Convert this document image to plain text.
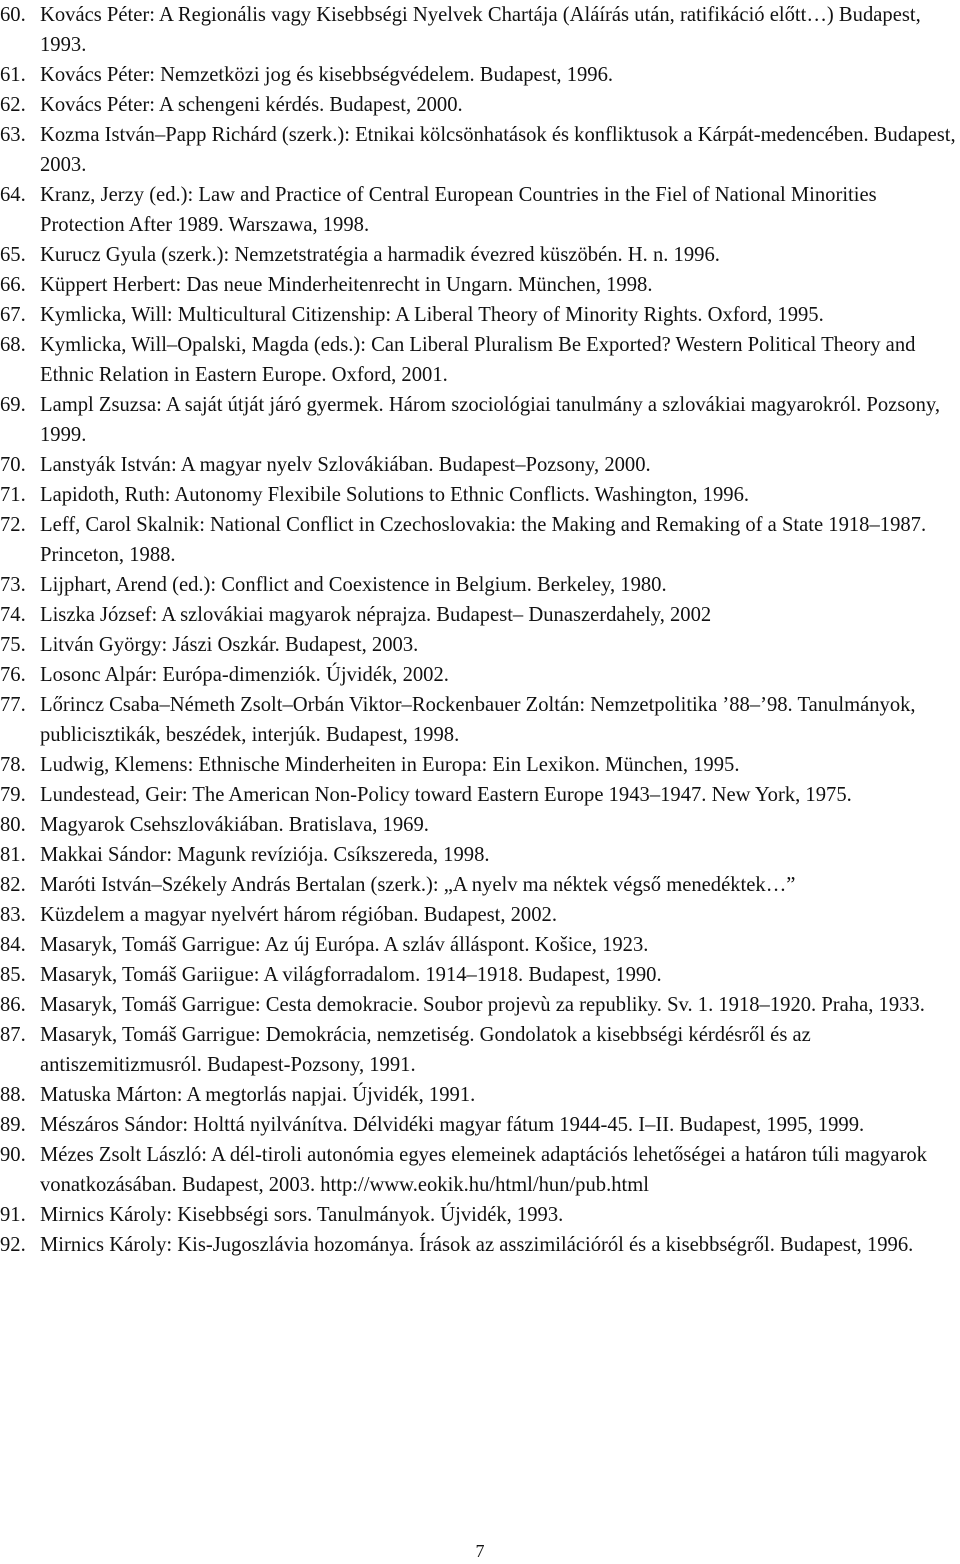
60. Kovács Péter: A Regionális vagy Kisebbségi Nyelvek Chartája (Aláírás után, ratifikáció előtt…) Budapest, 1993.
61. Kovács Péter: Nemzetközi jog és kisebbségvédelem. Budapest, 1996.
62. Kovács Péter: A schengeni kérdés. Budapest, 2000.
63. Kozma István–Papp Richárd (szerk.): Etnikai kölcsönhatások és konfliktusok a Kárpát-medencében. Budapest, 2003.
64. Kranz, Jerzy (ed.): Law and Practice of Central European Countries in the Fiel of National Minorities Protection After 1989. Warszawa, 1998.
65. Kurucz Gyula (szerk.): Nemzetstratégia a harmadik évezred küszöbén. H. n. 1996.
66. Küppert Herbert: Das neue Minderheitenrecht in Ungarn. München, 1998.
67. Kymlicka, Will: Multicultural Citizenship: A Liberal Theory of Minority Rights. Oxford, 1995.
68. Kymlicka, Will–Opalski, Magda (eds.): Can Liberal Pluralism Be Exported? Western Political Theory and Ethnic Relation in Eastern Europe. Oxford, 2001.
69. Lampl Zsuzsa: A saját útját járó gyermek. Három szociológiai tanulmány a szlovákiai magyarokról. Pozsony, 1999.
70. Lanstyák István: A magyar nyelv Szlovákiában. Budapest–Pozsony, 2000.
71. Lapidoth, Ruth: Autonomy Flexibile Solutions to Ethnic Conflicts. Washington, 1996.
72. Leff, Carol Skalnik: National Conflict in Czechoslovakia: the Making and Remaking of a State 1918–1987. Princeton, 1988.
73. Lijphart, Arend (ed.): Conflict and Coexistence in Belgium. Berkeley, 1980.
74. Liszka József: A szlovákiai magyarok néprajza. Budapest– Dunaszerdahely, 2002
75. Litván György: Jászi Oszkár. Budapest, 2003.
76. Losonc Alpár: Európa-dimenziók. Újvidék, 2002.
77. Lőrincz Csaba–Németh Zsolt–Orbán Viktor–Rockenbauer Zoltán: Nemzetpolitika ’88–’98. Tanulmányok, publicisztikák, beszédek, interjúk. Budapest, 1998.
78. Ludwig, Klemens: Ethnische Minderheiten in Europa: Ein Lexikon. München, 1995.
79. Lundestead, Geir: The American Non-Policy toward Eastern Europe 1943–1947. New York, 1975.
80. Magyarok Csehszlovákiában. Bratislava, 1969.
81. Makkai Sándor: Magunk revíziója. Csíkszereda, 1998.
82. Maróti István–Székely András Bertalan (szerk.): „A nyelv ma néktek végső menedéktek…”
83. Küzdelem a magyar nyelvért három régióban. Budapest, 2002.
84. Masaryk, Tomáš Garrigue: Az új Európa. A szláv álláspont. Košice, 1923.
85. Masaryk, Tomáš Gariigue: A világforradalom. 1914–1918. Budapest, 1990.
86. Masaryk, Tomáš Garrigue: Cesta demokracie. Soubor projevù za republiky. Sv. 1. 1918–1920. Praha, 1933.
87. Masaryk, Tomáš Garrigue: Demokrácia, nemzetiség. Gondolatok a kisebbségi kérdésről és az antiszemitizmusról. Budapest-Pozsony, 1991.
88. Matuska Márton: A megtorlás napjai. Újvidék, 1991.
89. Mészáros Sándor: Holttá nyilvánítva. Délvidéki magyar fátum 1944-45. I–II. Budapest, 1995, 1999.
90. Mézes Zsolt László: A dél-tiroli autonómia egyes elemeinek adaptációs lehetőségei a határon túli magyarok vonatkozásában. Budapest, 2003. http://www.eokik.hu/html/hun/pub.html
91. Mirnics Károly: Kisebbségi sors. Tanulmányok. Újvidék, 1993.
92. Mirnics Károly: Kis-Jugoszlávia hozománya. Írások az asszimilációról és a kisebbségről. Budapest, 1996.
7
